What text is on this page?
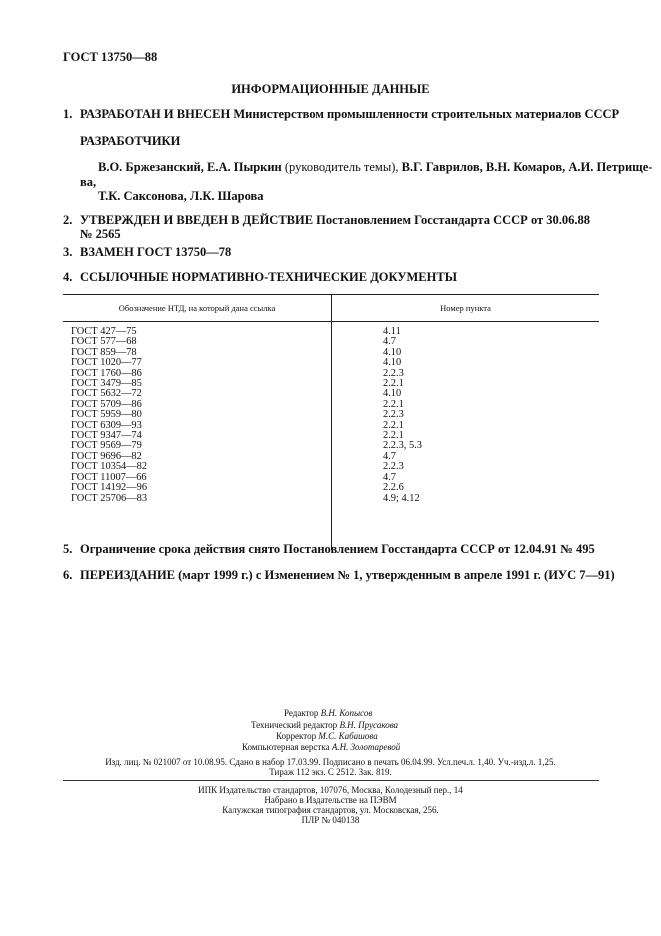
ГОСТ 13750—88
ИНФОРМАЦИОННЫЕ ДАННЫЕ
1. РАЗРАБОТАН И ВНЕСЕН Министерством промышленности строительных материалов СССР
РАЗРАБОТЧИКИ
В.О. Бржезанский, Е.А. Пыркин (руководитель темы), В.Г. Гаврилов, В.Н. Комаров, А.И. Петрище-
ва,
Т.К. Саксонова, Л.К. Шарова
2. УТВЕРЖДЕН И ВВЕДЕН В ДЕЙСТВИЕ Постановлением Госстандарта СССР от 30.06.88
№ 2565
3. ВЗАМЕН ГОСТ 13750—78
4. ССЫЛОЧНЫЕ НОРМАТИВНО-ТЕХНИЧЕСКИЕ ДОКУМЕНТЫ
Обозначение НТД, на который дана ссылка	Номер пункта
ГОСТ 427—75	4.11
ГОСТ 577—68	4.7
ГОСТ 859—78	4.10
ГОСТ 1020—77	4.10
ГОСТ 1760—86	2.2.3
ГОСТ 3479—85	2.2.1
ГОСТ 5632—72	4.10
ГОСТ 5709—86	2.2.1
ГОСТ 5959—80	2.2.3
ГОСТ 6309—93	2.2.1
ГОСТ 9347—74	2.2.1
ГОСТ 9569—79	2.2.3, 5.3
ГОСТ 9696—82	4.7
ГОСТ 10354—82	2.2.3
ГОСТ 11007—66	4.7
ГОСТ 14192—96	2.2.6
ГОСТ 25706—83	4.9; 4.12
5. Ограничение срока действия снято Постановлением Госстандарта СССР от 12.04.91 № 495
6. ПЕРЕИЗДАНИЕ (март 1999 г.) с Изменением № 1, утвержденным в апреле 1991 г. (ИУС 7—91)
Редактор В.Н. Копысов
Технический редактор В.Н. Прусакова
Корректор М.С. Кабашова
Компьютерная верстка А.Н. Золотаревой
Изд. лиц. № 021007 от 10.08.95. Сдано в набор 17.03.99. Подписано в печать 06.04.99. Усл.печ.л. 1,40. Уч.-изд.л. 1,25.
Тираж 112 экз. С 2512. Зак. 819.
ИПК Издательство стандартов, 107076, Москва, Колодезный пер., 14
Набрано в Издательстве на ПЭВМ
Калужская типография стандартов, ул. Московская, 256.
ПЛР № 040138
